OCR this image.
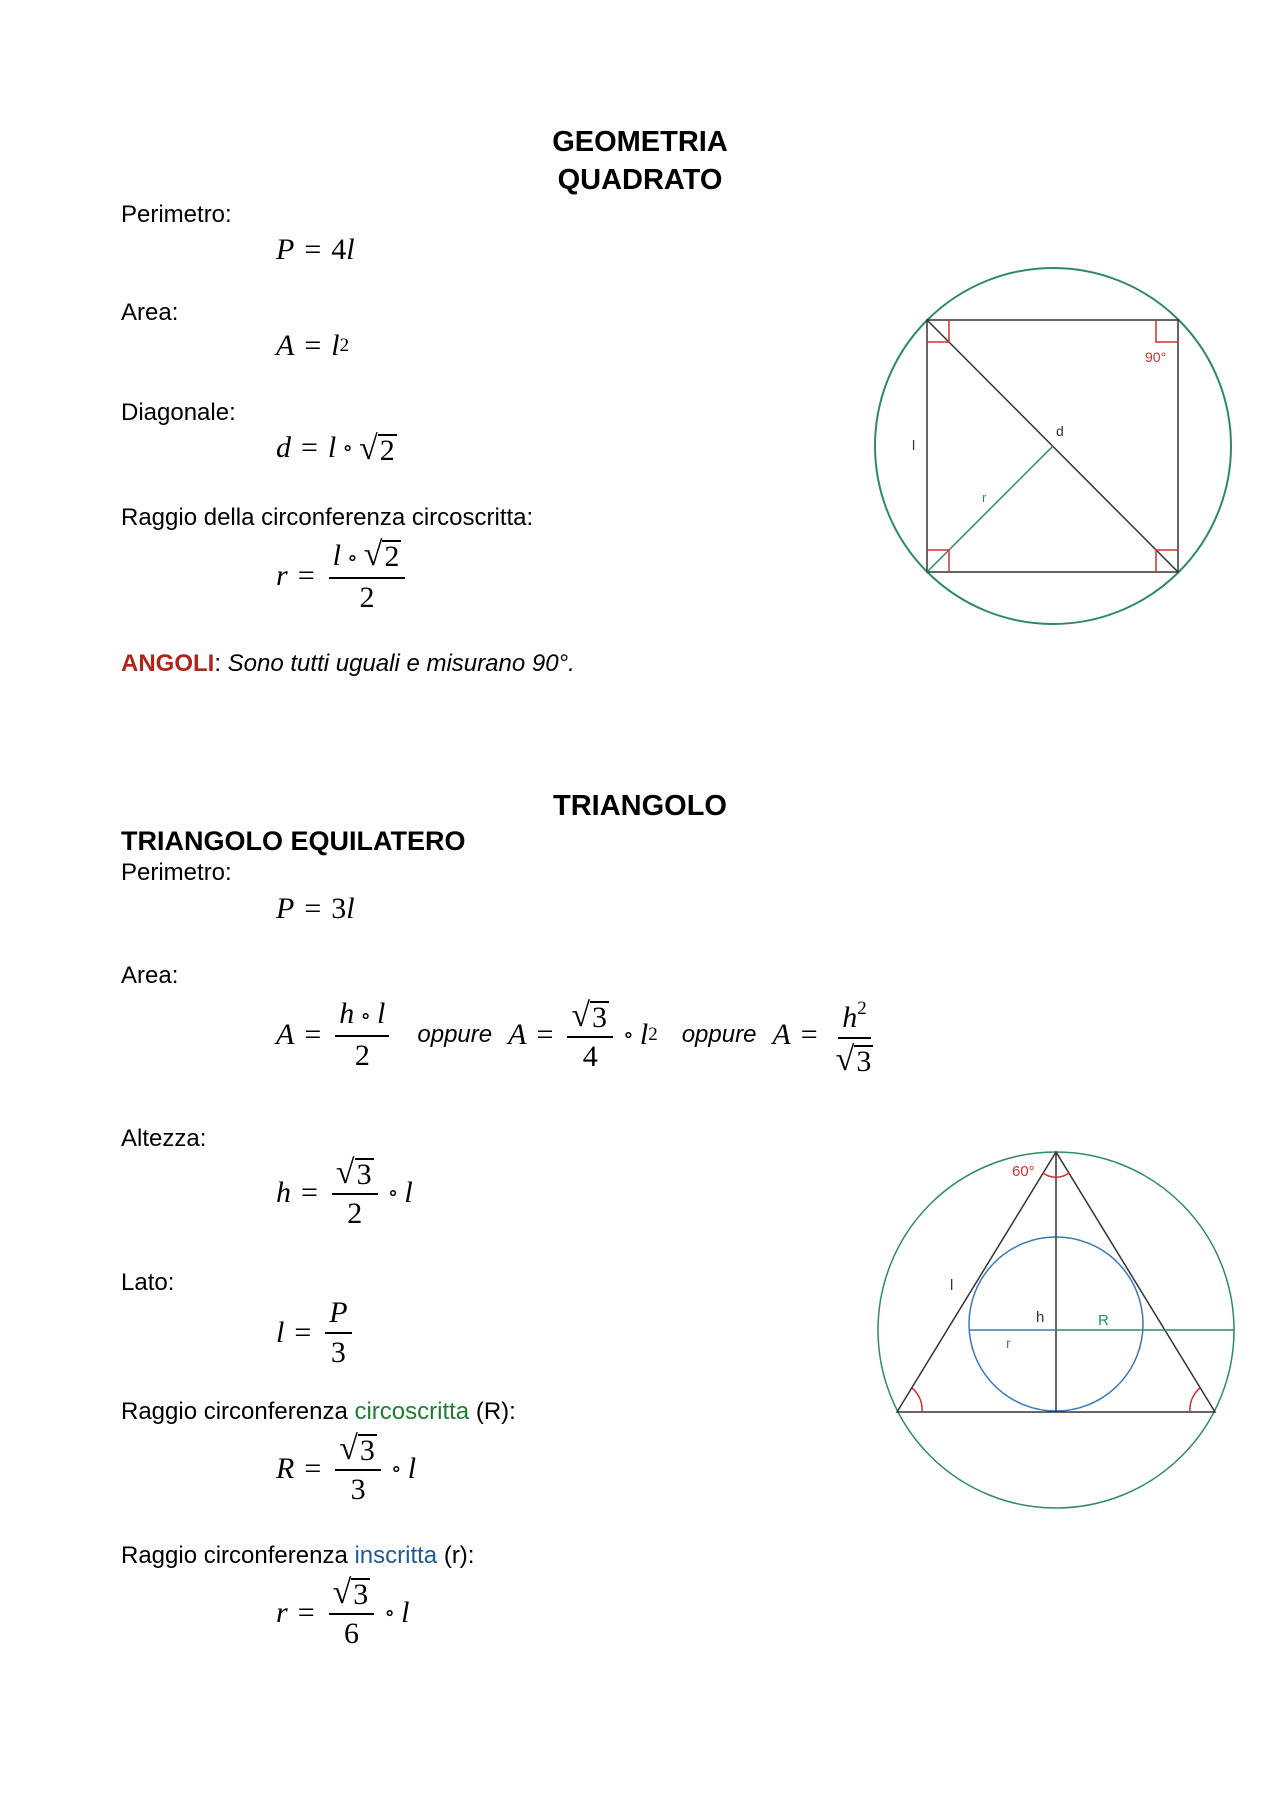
GEOMETRIA
QUADRATO
Perimetro:
P = 4 l
Area:
A = l 2
Diagonale:
d = l ∘ √ 2
Raggio della circonferenza circoscritta:
$r = \frac{l \circ √ 2}{2}$
ANGOLI: Sono tutti uguali e misurano 90°.
l
d
r
90°
TRIANGOLO
TRIANGOLO EQUILATERO
Perimetro:
P = 3 l
Area:
$A = \frac{h \circ l}{2}$ oppure $A = \frac{√ 3}{4}$ ∘ l 2 oppure $A = \frac{h^2}{√ 3}$
Altezza:
$h = \frac{√ 3}{2}$ ∘ l
Lato:
$l = \frac{P}{3}$
Raggio circonferenza circoscritta (R):
$R = \frac{√ 3}{3}$ ∘ l
Raggio circonferenza inscritta (r):
$r = \frac{√ 3}{6}$ ∘ l
60°
l
h	R
r
